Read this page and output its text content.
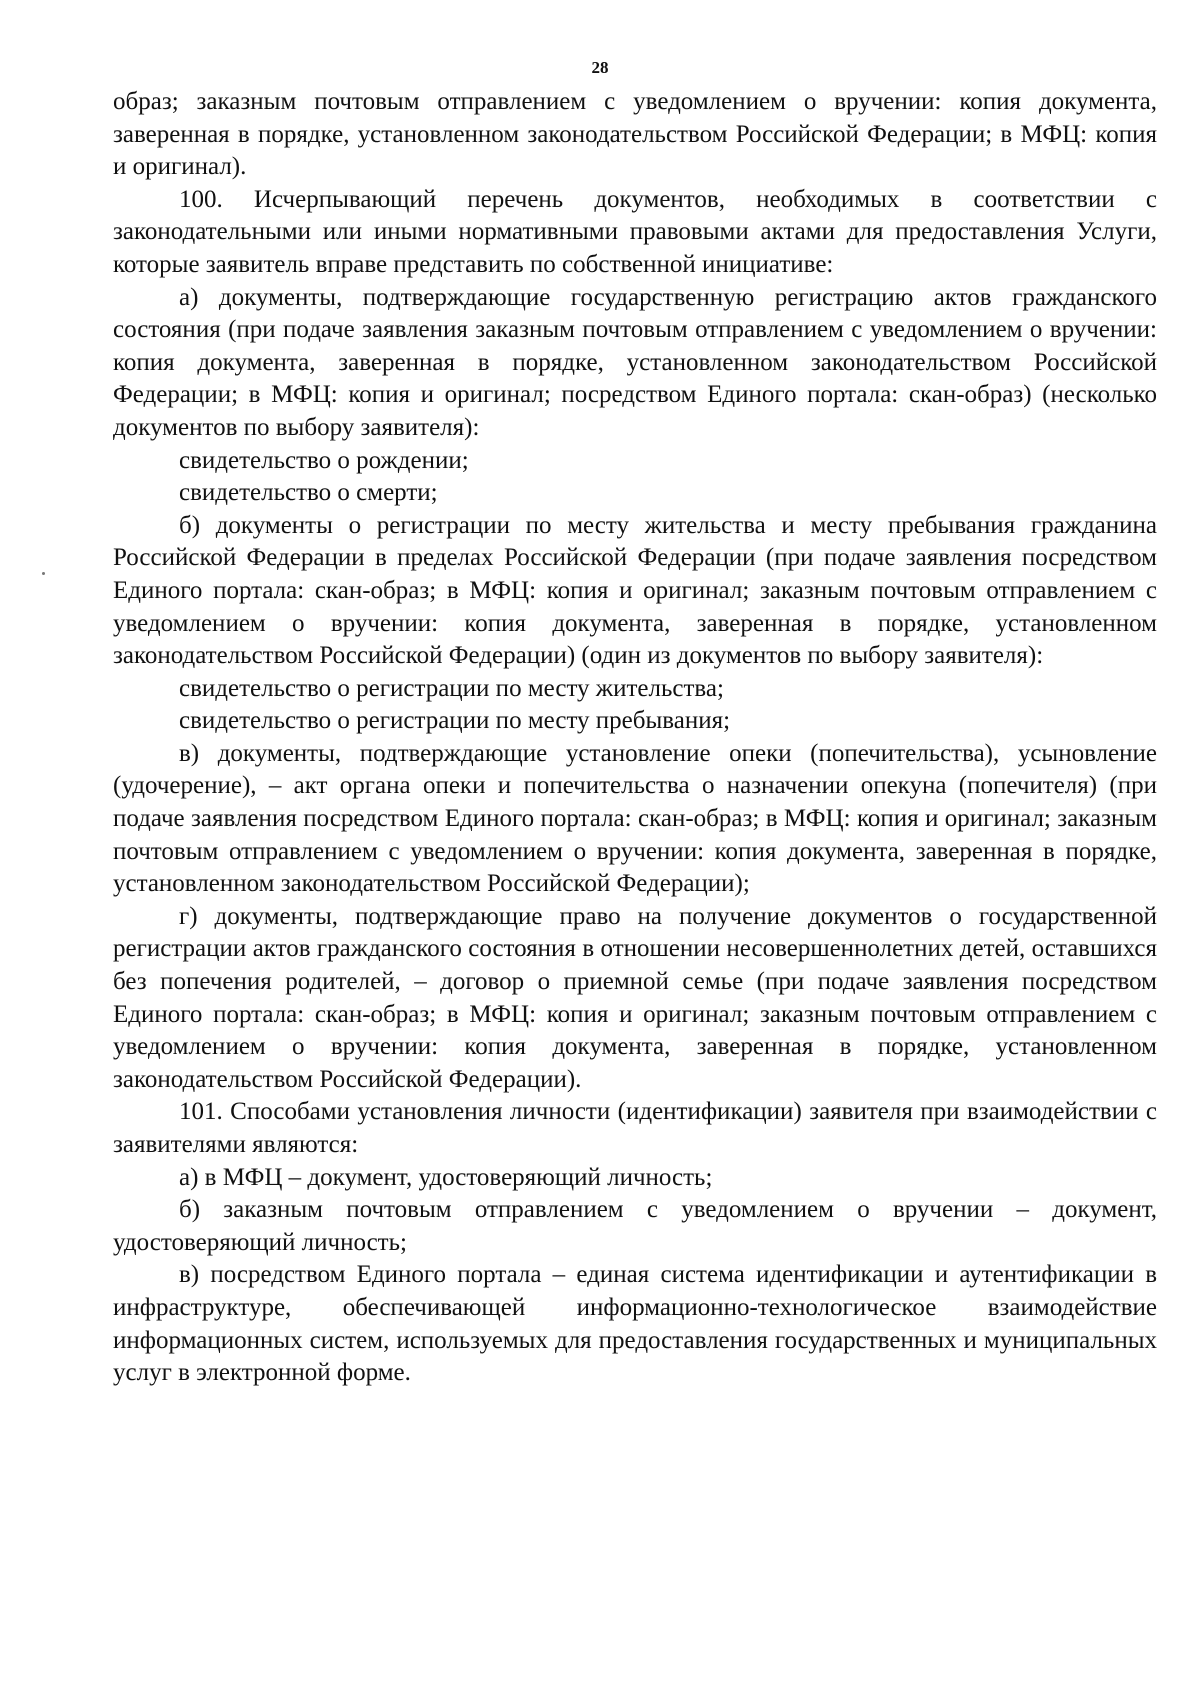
28

образ; заказным почтовым отправлением с уведомлением о вручении: копия документа, заверенная в порядке, установленном законодательством Российской Федерации; в МФЦ: копия и оригинал).

100. Исчерпывающий перечень документов, необходимых в соответствии с законодательными или иными нормативными правовыми актами для предоставления Услуги, которые заявитель вправе представить по собственной инициативе:

а) документы, подтверждающие государственную регистрацию актов гражданского состояния (при подаче заявления заказным почтовым отправлением с уведомлением о вручении: копия документа, заверенная в порядке, установленном законодательством Российской Федерации; в МФЦ: копия и оригинал; посредством Единого портала: скан-образ) (несколько документов по выбору заявителя):

свидетельство о рождении;

свидетельство о смерти;

б) документы о регистрации по месту жительства и месту пребывания гражданина Российской Федерации в пределах Российской Федерации (при подаче заявления посредством Единого портала: скан-образ; в МФЦ: копия и оригинал; заказным почтовым отправлением с уведомлением о вручении: копия документа, заверенная в порядке, установленном законодательством Российской Федерации) (один из документов по выбору заявителя):

свидетельство о регистрации по месту жительства;

свидетельство о регистрации по месту пребывания;

в) документы, подтверждающие установление опеки (попечительства), усыновление (удочерение), – акт органа опеки и попечительства о назначении опекуна (попечителя) (при подаче заявления посредством Единого портала: скан-образ; в МФЦ: копия и оригинал; заказным почтовым отправлением с уведомлением о вручении: копия документа, заверенная в порядке, установленном законодательством Российской Федерации);

г) документы, подтверждающие право на получение документов о государственной регистрации актов гражданского состояния в отношении несовершеннолетних детей, оставшихся без попечения родителей, – договор о приемной семье (при подаче заявления посредством Единого портала: скан-образ; в МФЦ: копия и оригинал; заказным почтовым отправлением с уведомлением о вручении: копия документа, заверенная в порядке, установленном законодательством Российской Федерации).

101. Способами установления личности (идентификации) заявителя при взаимодействии с заявителями являются:

а) в МФЦ – документ, удостоверяющий личность;

б) заказным почтовым отправлением с уведомлением о вручении – документ, удостоверяющий личность;

в) посредством Единого портала – единая система идентификации и аутентификации в инфраструктуре, обеспечивающей информационно-технологическое взаимодействие информационных систем, используемых для предоставления государственных и муниципальных услуг в электронной форме.
